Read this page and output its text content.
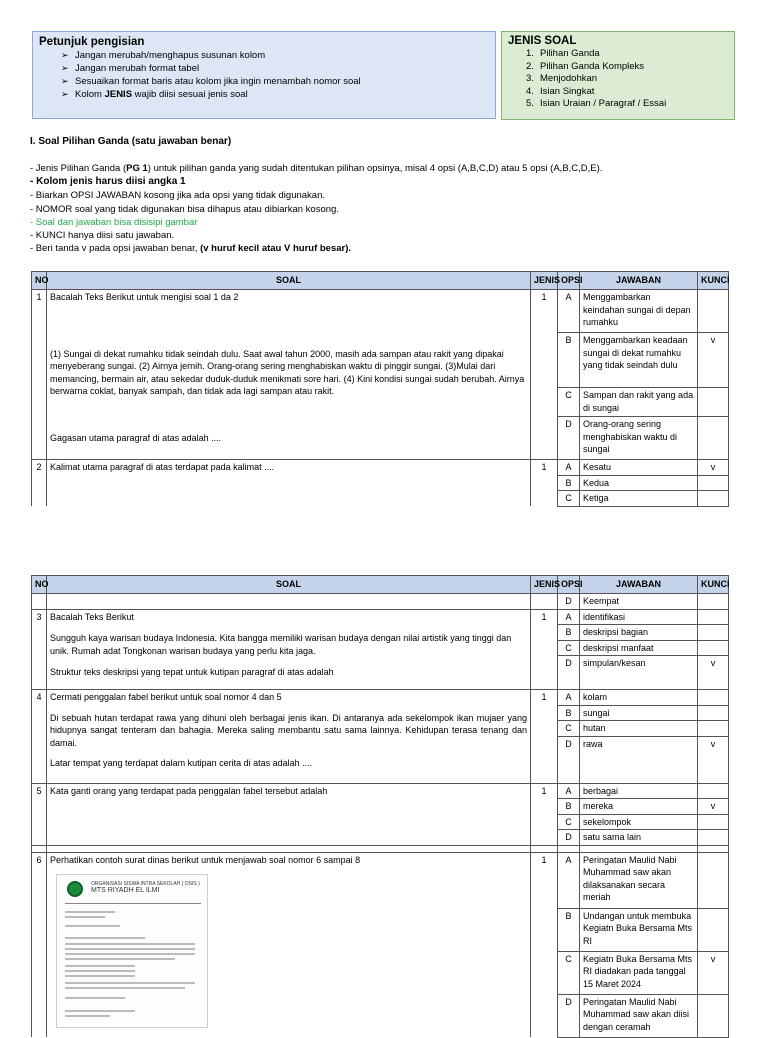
Petunjuk pengisian
➢ Jangan merubah/menghapus susunan kolom
➢ Jangan merubah format tabel
➢ Sesuaikan format baris atau kolom jika ingin menambah nomor soal
➢ Kolom JENIS wajib diisi sesuai jenis soal
JENIS SOAL
1. Pilihan Ganda
2. Pilihan Ganda Kompleks
3. Menjodohkan
4. Isian Singkat
5. Isian Uraian / Paragraf / Essai
I. Soal Pilihan Ganda (satu jawaban benar)
- Jenis Pilihan Ganda (PG 1) untuk pilihan ganda yang sudah ditentukan pilihan opsinya, misal 4 opsi (A,B,C,D) atau 5 opsi (A,B,C,D,E).
- Kolom jenis harus diisi angka 1
- Biarkan OPSI JAWABAN kosong jika ada opsi yang tidak digunakan.
- NOMOR soal yang tidak digunakan bisa dihapus atau dibiarkan kosong.
- Soal dan jawaban bisa disisipi gambar
- KUNCI hanya diisi satu jawaban.
- Beri tanda v pada opsi jawaban benar, (v huruf kecil atau V huruf besar).
NO	SOAL	JENIS	OPSI	JAWABAN	KUNCI
1	Bacalah Teks Berikut untuk mengisi soal 1 da 2
(1) Sungai di dekat rumahku tidak seindah dulu. Saat awal tahun 2000, masih ada sampan atau rakit yang dipakai menyeberang sungai. (2) Airnya jernih. Orang-orang sering menghabiskan waktu di pinggir sungai. (3)Mulai dari memancing, bermain air, atau sekedar duduk-duduk menikmati sore hari. (4) Kini kondisi sungai sudah berubah. Airnya berwarna coklat, banyak sampah, dan tidak ada lagi sampan atau rakit.
Gagasan utama paragraf di atas adalah ....	1	A	Menggambarkan keindahan sungai di depan rumahku	
			B	Menggambarkan keadaan sungai di dekat rumahku yang tidak seindah dulu	v
			C	Sampan dan rakit yang ada di sungai	
			D	Orang-orang sering menghabiskan waktu di sungai	
2	Kalimat utama paragraf di atas terdapat pada kalimat ....	1	A	Kesatu	v
			B	Kedua	
			C	Ketiga	
NO	SOAL	JENIS	OPSI	JAWABAN	KUNCI
			D	Keempat	
3	Bacalah Teks Berikut
Sungguh kaya warisan budaya Indonesia. Kita bangga memiliki warisan budaya dengan nilai artistik yang tinggi dan unik. Rumah adat Tongkonan warisan budaya yang perlu kita jaga.
Struktur teks deskripsi yang tepat untuk kutipan paragraf di atas adalah	1	A	identifikasi	
			B	deskripsi bagian	
			C	deskripsi manfaat	
			D	simpulan/kesan	v
4	Cermati penggalan fabel berikut untuk soal nomor 4 dan 5
Di sebuah hutan terdapat rawa yang dihuni oleh berbagai jenis ikan. Di antaranya ada sekelompok ikan mujaer yang hidupnya sangat tenteram dan bahagia. Mereka saling membantu satu sama lainnya. Kehidupan terasa tenang dan damai.
Latar tempat yang terdapat dalam kutipan cerita di atas adalah ....	1	A	kolam	
			B	sungai	
			C	hutan	
			D	rawa	v
5	Kata ganti orang yang terdapat pada penggalan fabel tersebut adalah	1	A	berbagai	
			B	mereka	v
			C	sekelompok	
			D	satu sama lain	

6	Perhatikan contoh surat dinas berikut untuk menjawab soal nomor 6 sampai 8
ORGANISASI SISWA INTRA SEKOLAH ( OSIS )
MTS RIYADH EL ILMI	1	A	Peringatan Maulid Nabi Muhammad saw akan dilaksanakan secara meriah	
			B	Undangan untuk membuka Kegiatn Buka Bersama Mts RI	
			C	Kegiatn Buka Bersama Mts RI diadakan pada tanggal 15 Maret 2024	v
			D	Peringatan Maulid Nabi Muhammad saw akan diisi dengan ceramah	
